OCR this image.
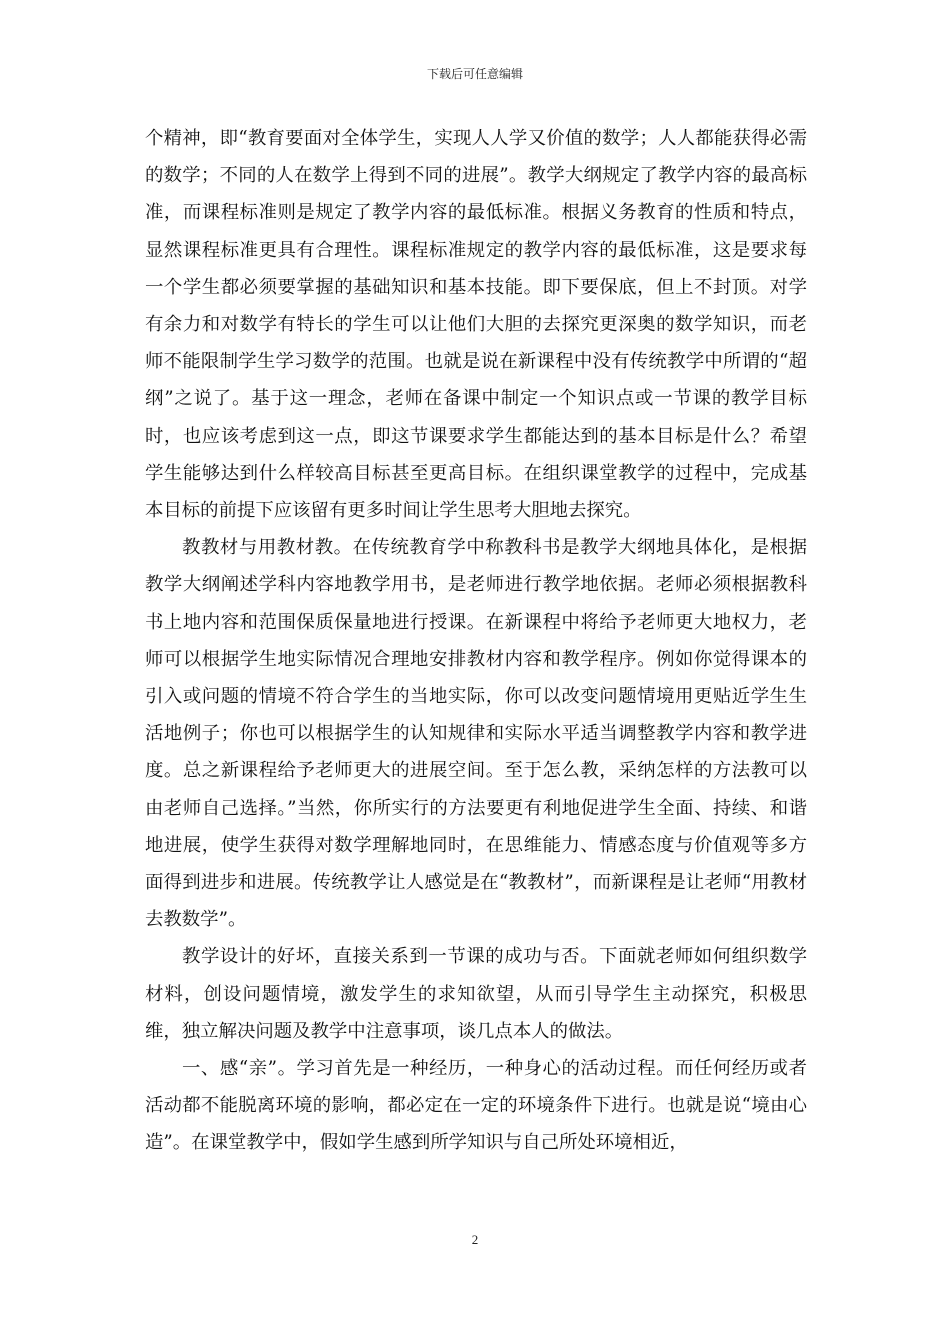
下载后可任意编辑

个精神，即“教育要面对全体学生，实现人人学又价值的数学；人人都能获得必需的数学；不同的人在数学上得到不同的进展”。教学大纲规定了教学内容的最高标准，而课程标准则是规定了教学内容的最低标准。根据义务教育的性质和特点，显然课程标准更具有合理性。课程标准规定的教学内容的最低标准，这是要求每一个学生都必须要掌握的基础知识和基本技能。即下要保底，但上不封顶。对学有余力和对数学有特长的学生可以让他们大胆的去探究更深奥的数学知识，而老师不能限制学生学习数学的范围。也就是说在新课程中没有传统教学中所谓的“超纲”之说了。基于这一理念，老师在备课中制定一个知识点或一节课的教学目标时，也应该考虑到这一点，即这节课要求学生都能达到的基本目标是什么？希望学生能够达到什么样较高目标甚至更高目标。在组织课堂教学的过程中，完成基本目标的前提下应该留有更多时间让学生思考大胆地去探究。

教教材与用教材教。在传统教育学中称教科书是教学大纲地具体化，是根据教学大纲阐述学科内容地教学用书，是老师进行教学地依据。老师必须根据教科书上地内容和范围保质保量地进行授课。在新课程中将给予老师更大地权力，老师可以根据学生地实际情况合理地安排教材内容和教学程序。例如你觉得课本的引入或问题的情境不符合学生的当地实际，你可以改变问题情境用更贴近学生生活地例子；你也可以根据学生的认知规律和实际水平适当调整教学内容和教学进度。总之新课程给予老师更大的进展空间。至于怎么教，采纳怎样的方法教可以由老师自己选择。”当然，你所实行的方法要更有利地促进学生全面、持续、和谐地进展，使学生获得对数学理解地同时，在思维能力、情感态度与价值观等多方面得到进步和进展。传统教学让人感觉是在“教教材”，而新课程是让老师“用教材去教数学”。

教学设计的好坏，直接关系到一节课的成功与否。下面就老师如何组织数学材料，创设问题情境，激发学生的求知欲望，从而引导学生主动探究，积极思维，独立解决问题及教学中注意事项，谈几点本人的做法。

一、感“亲”。学习首先是一种经历，一种身心的活动过程。而任何经历或者活动都不能脱离环境的影响，都必定在一定的环境条件下进行。也就是说“境由心造”。在课堂教学中，假如学生感到所学知识与自己所处环境相近，

2
